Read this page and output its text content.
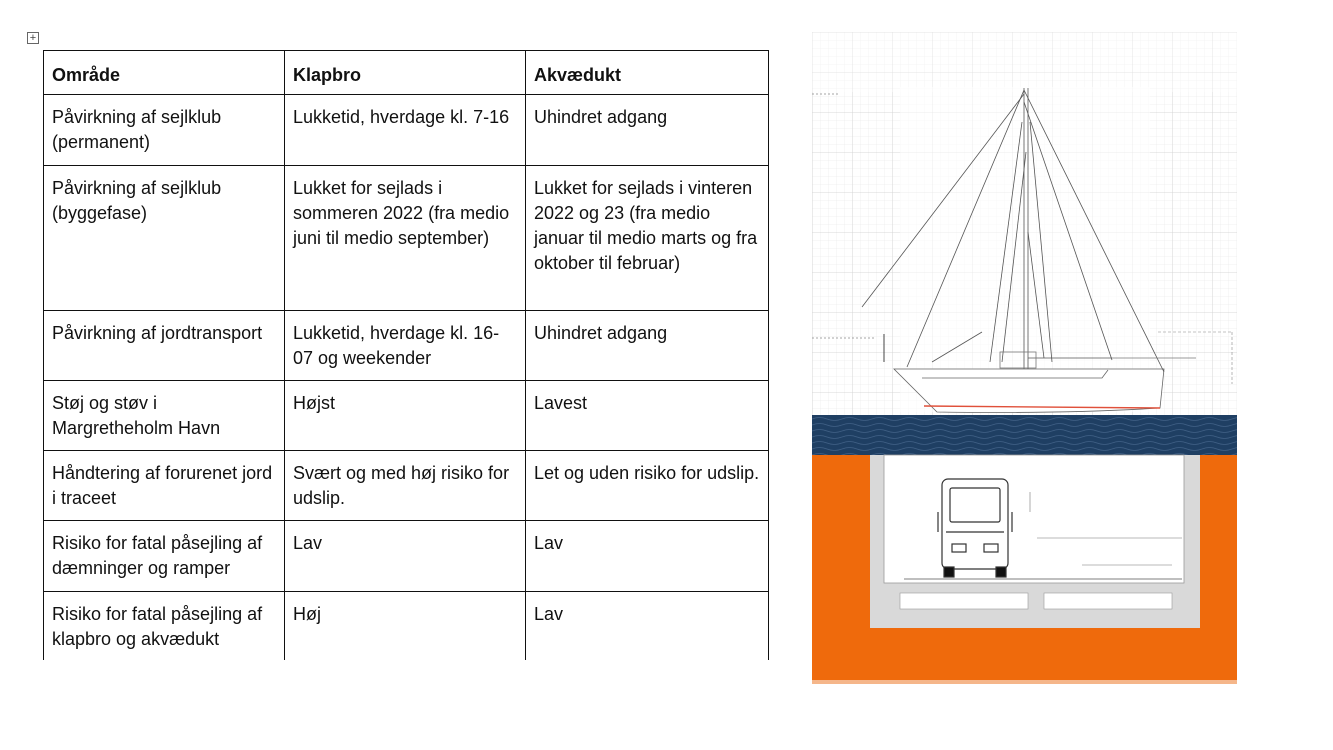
+
Område	Klapbro	Akvædukt
Påvirkning af sejlklub (permanent)	Lukketid, hverdage kl. 7-16	Uhindret adgang
Påvirkning af sejlklub (byggefase)	Lukket for sejlads i sommeren 2022 (fra medio juni til medio september)	Lukket for sejlads i vinteren 2022 og 23 (fra medio januar til medio marts og fra oktober til februar)
Påvirkning af jordtransport	Lukketid, hverdage kl. 16-07 og weekender	Uhindret adgang
Støj og støv i Margretheholm Havn	Højst	Lavest
Håndtering af forurenet jord i traceet	Svært og med høj risiko for udslip.	Let og uden risiko for udslip.
Risiko for fatal påsejling af dæmninger og ramper	Lav	Lav
Risiko for fatal påsejling af klapbro og akvædukt	Høj	Lav
